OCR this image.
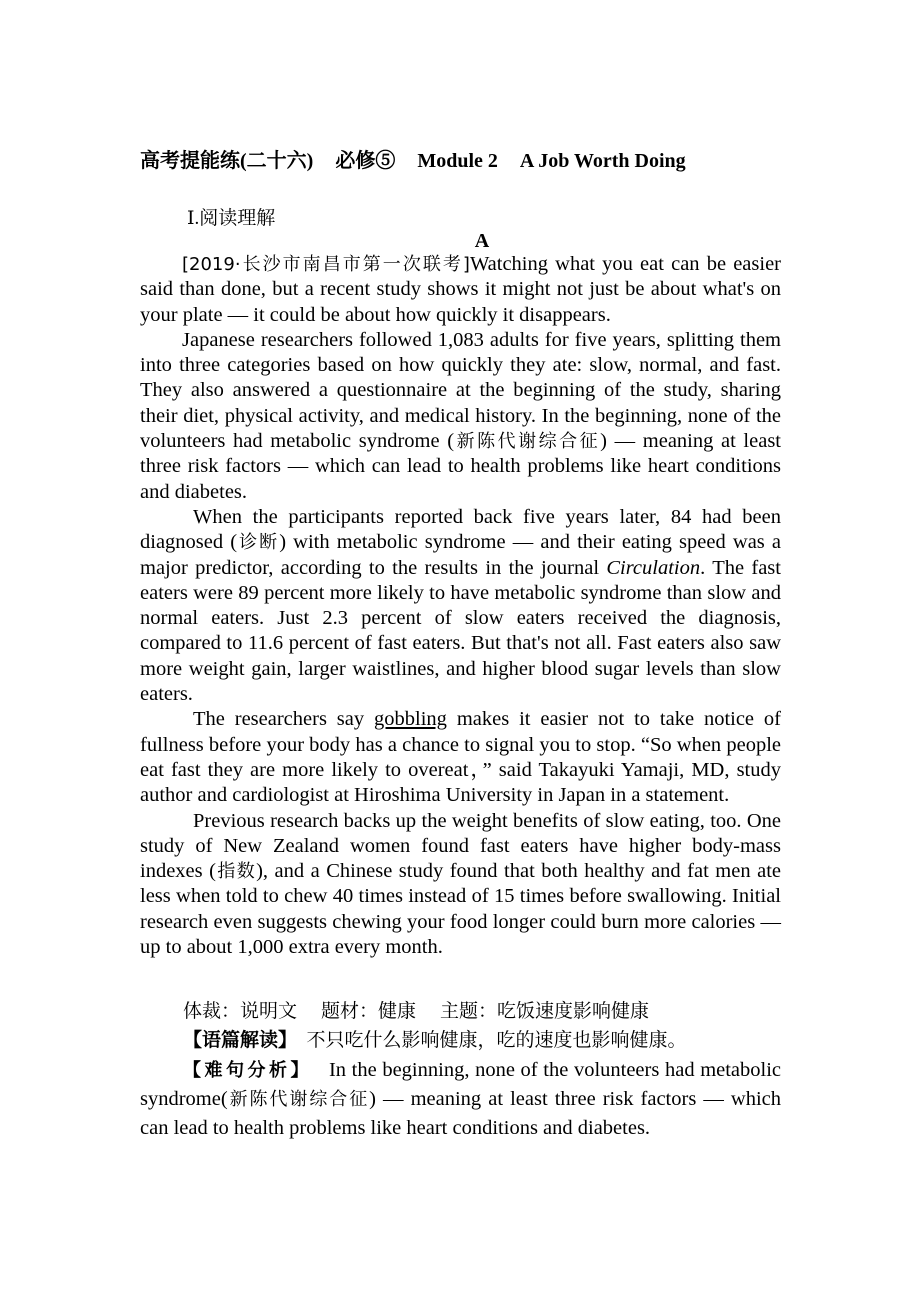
高考提能练(二十六) 必修⑤ Module 2 A Job Worth Doing
Ⅰ.阅读理解
A

[2019·长沙市南昌市第一次联考]Watching what you eat can be easier said than done, but a recent study shows it might not just be about what's on your plate — it could be about how quickly it disappears.

Japanese researchers followed 1,083 adults for five years, splitting them into three categories based on how quickly they ate: slow, normal, and fast. They also answered a questionnaire at the beginning of the study, sharing their diet, physical activity, and medical history. In the beginning, none of the volunteers had metabolic syndrome (新陈代谢综合征) — meaning at least three risk factors — which can lead to health problems like heart conditions and diabetes.

When the participants reported back five years later, 84 had been diagnosed (诊断) with metabolic syndrome — and their eating speed was a major predictor, according to the results in the journal Circulation. The fast eaters were 89 percent more likely to have metabolic syndrome than slow and normal eaters. Just 2.3 percent of slow eaters received the diagnosis, compared to 11.6 percent of fast eaters. But that's not all. Fast eaters also saw more weight gain, larger waistlines, and higher blood sugar levels than slow eaters.

The researchers say gobbling makes it easier not to take notice of fullness before your body has a chance to signal you to stop. “So when people eat fast they are more likely to overeat，” said Takayuki Yamaji, MD, study author and cardiologist at Hiroshima University in Japan in a statement.

Previous research backs up the weight benefits of slow eating, too. One study of New Zealand women found fast eaters have higher body-mass indexes (指数), and a Chinese study found that both healthy and fat men ate less when told to chew 40 times instead of 15 times before swallowing. Initial research even suggests chewing your food longer could burn more calories — up to about 1,000 extra every month.

体裁：说明文 题材：健康 主题：吃饭速度影响健康
【语篇解读】 不只吃什么影响健康，吃的速度也影响健康。
【难句分析】 In the beginning, none of the volunteers had metabolic syndrome(新陈代谢综合征) — meaning at least three risk factors — which can lead to health problems like heart conditions and diabetes.
